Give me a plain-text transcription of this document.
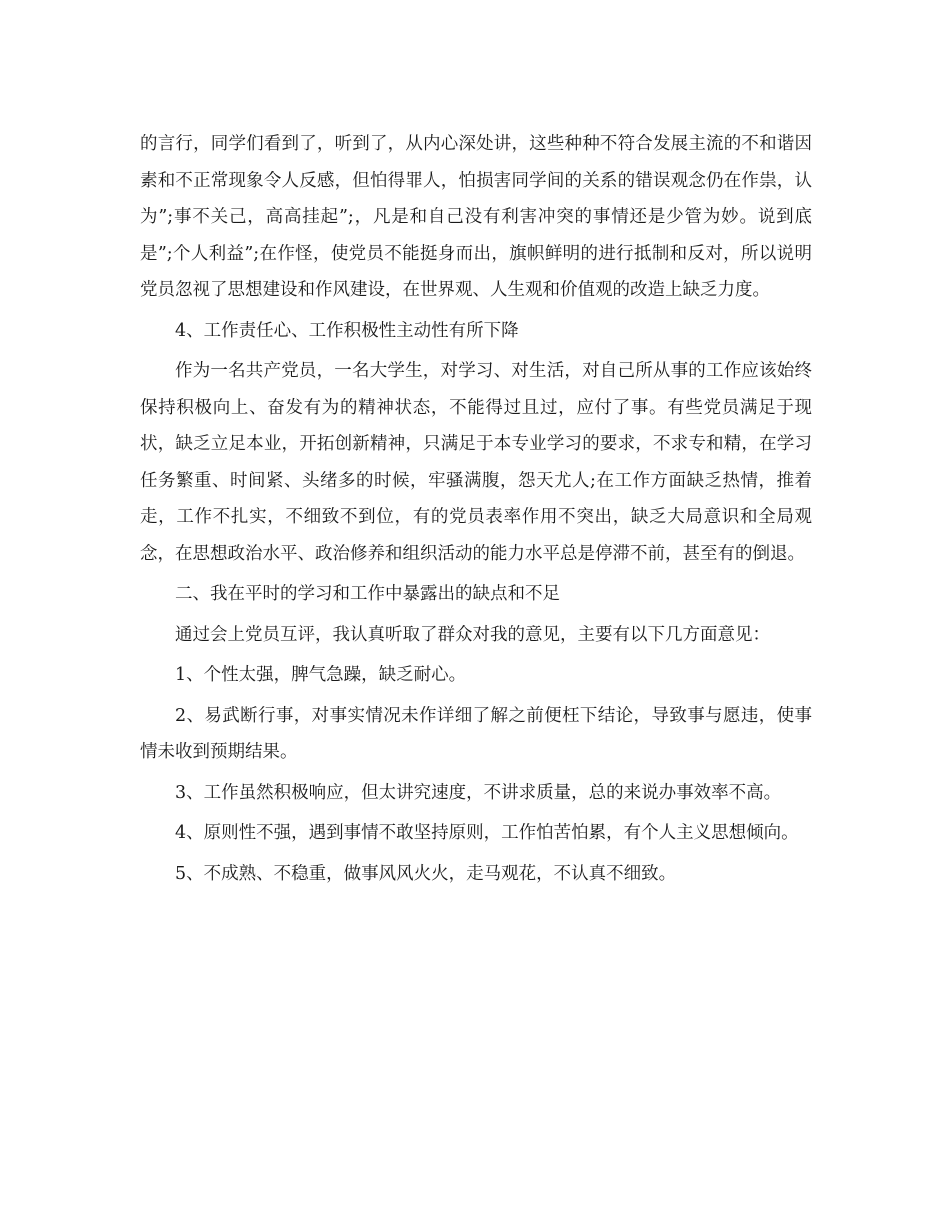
的言行，同学们看到了，听到了，从内心深处讲，这些种种不符合发展主流的不和谐因素和不正常现象令人反感，但怕得罪人，怕损害同学间的关系的错误观念仍在作祟，认为”;事不关己，高高挂起”;，凡是和自己没有利害冲突的事情还是少管为妙。说到底是”;个人利益”;在作怪，使党员不能挺身而出，旗帜鲜明的进行抵制和反对，所以说明党员忽视了思想建设和作风建设，在世界观、人生观和价值观的改造上缺乏力度。

4、工作责任心、工作积极性主动性有所下降

作为一名共产党员，一名大学生，对学习、对生活，对自己所从事的工作应该始终保持积极向上、奋发有为的精神状态，不能得过且过，应付了事。有些党员满足于现状，缺乏立足本业，开拓创新精神，只满足于本专业学习的要求，不求专和精，在学习任务繁重、时间紧、头绪多的时候，牢骚满腹，怨天尤人;在工作方面缺乏热情，推着走，工作不扎实，不细致不到位，有的党员表率作用不突出，缺乏大局意识和全局观念，在思想政治水平、政治修养和组织活动的能力水平总是停滞不前，甚至有的倒退。

二、我在平时的学习和工作中暴露出的缺点和不足

通过会上党员互评，我认真听取了群众对我的意见，主要有以下几方面意见：

1、个性太强，脾气急躁，缺乏耐心。

2、易武断行事，对事实情况未作详细了解之前便枉下结论，导致事与愿违，使事情未收到预期结果。

3、工作虽然积极响应，但太讲究速度，不讲求质量，总的来说办事效率不高。

4、原则性不强，遇到事情不敢坚持原则，工作怕苦怕累，有个人主义思想倾向。

5、不成熟、不稳重，做事风风火火，走马观花，不认真不细致。
